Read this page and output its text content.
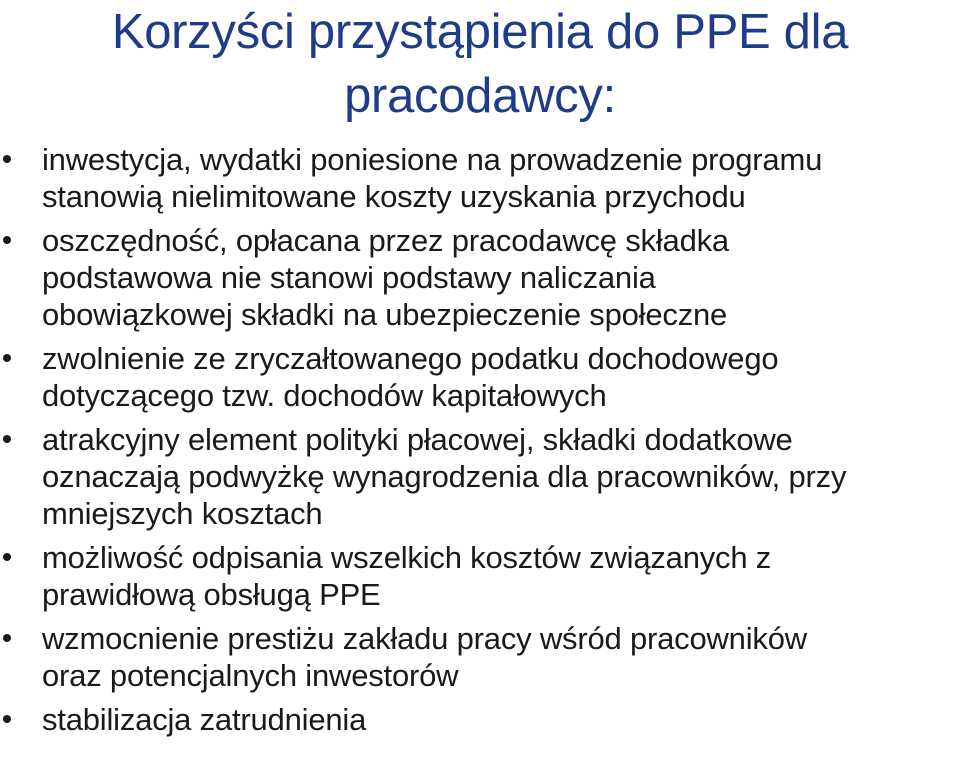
Korzyści przystąpienia do PPE dla
pracodawcy:
inwestycja, wydatki poniesione na prowadzenie programu
stanowią nielimitowane koszty uzyskania przychodu
oszczędność, opłacana przez pracodawcę składka
podstawowa nie stanowi podstawy naliczania
obowiązkowej składki na ubezpieczenie społeczne
zwolnienie ze zryczałtowanego podatku dochodowego
dotyczącego tzw. dochodów kapitałowych
atrakcyjny element polityki płacowej, składki dodatkowe
oznaczają podwyżkę wynagrodzenia dla pracowników, przy
mniejszych kosztach
możliwość odpisania wszelkich kosztów związanych z
prawidłową obsługą PPE
wzmocnienie prestiżu zakładu pracy wśród pracowników
oraz potencjalnych inwestorów
stabilizacja zatrudnienia
